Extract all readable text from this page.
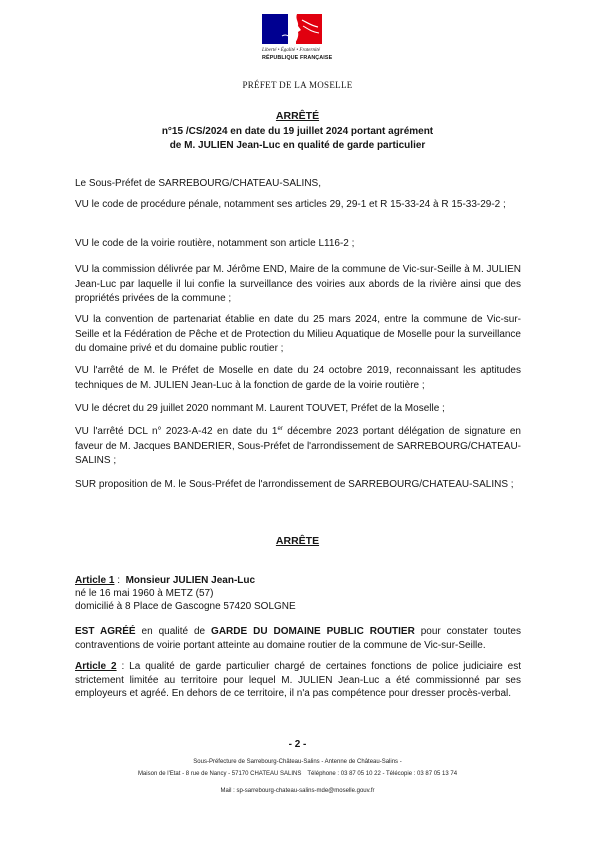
Liberté • Égalité • Fraternité
RÉPUBLIQUE FRANÇAISE
PRÉFET DE LA MOSELLE
ARRÊTÉ
n°15 /CS/2024 en date du 19 juillet 2024 portant agrément
de M. JULIEN Jean-Luc en qualité de garde particulier
Le Sous-Préfet de SARREBOURG/CHATEAU-SALINS,
VU le code de procédure pénale, notamment ses articles 29, 29-1 et R 15-33-24 à R 15-33-29-2 ;
VU le code de la voirie routière, notamment son article L116-2 ;
VU la commission délivrée par M. Jérôme END, Maire de la commune de Vic-sur-Seille à M. JULIEN Jean-Luc par laquelle il lui confie la surveillance des voiries aux abords de la rivière ainsi que des propriétés privées de la commune ;
VU la convention de partenariat établie en date du 25 mars 2024, entre la commune de Vic-sur-Seille et la Fédération de Pêche et de Protection du Milieu Aquatique de Moselle pour la surveillance du domaine privé et du domaine public routier ;
VU l'arrêté de M. le Préfet de Moselle en date du 24 octobre 2019, reconnaissant les aptitudes techniques de M. JULIEN Jean-Luc à la fonction de garde de la voirie routière ;
VU le décret du 29 juillet 2020 nommant M. Laurent TOUVET, Préfet de la Moselle ;
VU l'arrêté DCL n° 2023-A-42 en date du 1er décembre 2023 portant délégation de signature en faveur de M. Jacques BANDERIER, Sous-Préfet de l'arrondissement de SARREBOURG/CHATEAU-SALINS ;
SUR proposition de M. le Sous-Préfet de l'arrondissement de SARREBOURG/CHATEAU-SALINS ;
ARRÊTE
Article 1 :  Monsieur JULIEN Jean-Luc
né le 16 mai 1960 à METZ (57)
domicilié à 8 Place de Gascogne 57420 SOLGNE
EST AGRÉÉ en qualité de GARDE DU DOMAINE PUBLIC ROUTIER pour constater toutes contraventions de voirie portant atteinte au domaine routier de la commune de Vic-sur-Seille.
Article 2 : La qualité de garde particulier chargé de certaines fonctions de police judiciaire est strictement limitée au territoire pour lequel M. JULIEN Jean-Luc a été commissionné par ses employeurs et agréé. En dehors de ce territoire, il n'a pas compétence pour dresser procès-verbal.
- 2 -
Sous-Préfecture de Sarrebourg-Château-Salins - Antenne de Château-Salins -
Maison de l'Etat - 8 rue de Nancy - 57170 CHATEAU SALINS Téléphone : 03 87 05 10 22 - Télécopie : 03 87 05 13 74
Mail : sp-sarrebourg-chateau-salins-mde@moselle.gouv.fr
